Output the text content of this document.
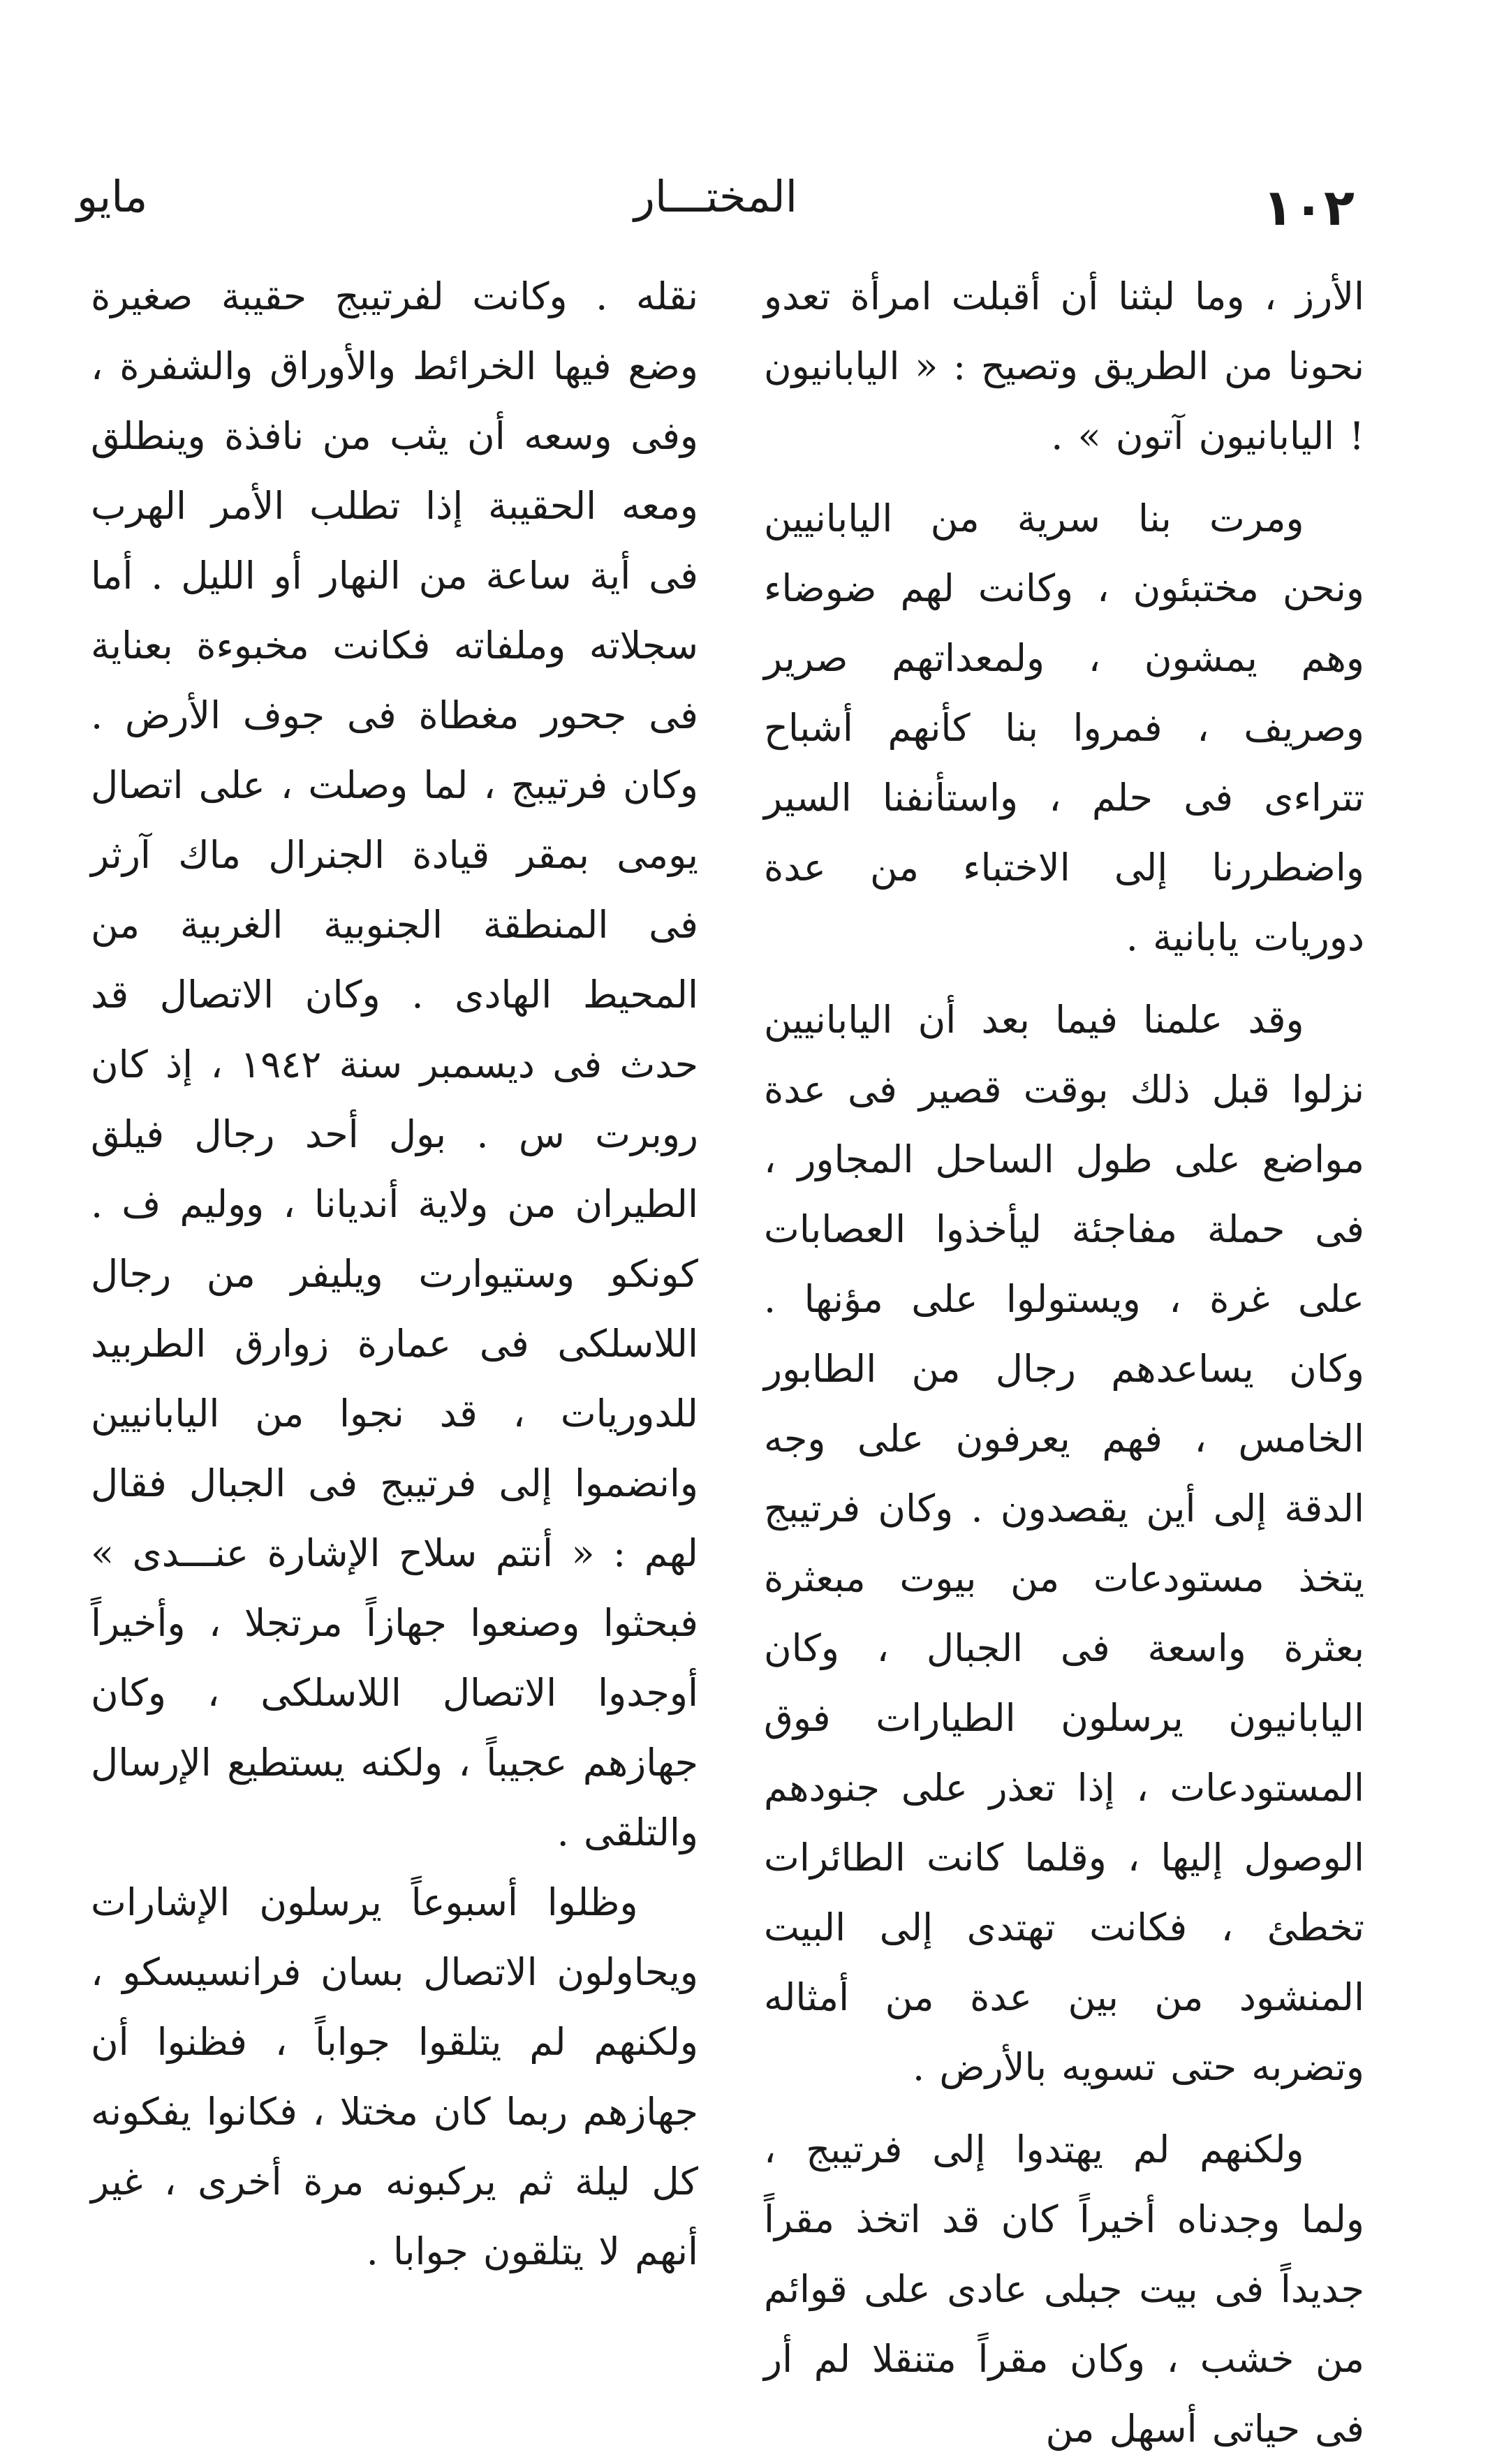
١٠٢
المختـــار
مايو

الأرز ، وما لبثنا أن أقبلت امرأة تعدو نحونا من الطريق وتصيح : « اليابانيون ! اليابانيون آتون » .

ومرت بنا سرية من اليابانيين ونحن مختبئون ، وكانت لهم ضوضاء وهم يمشون ، ولمعداتهم صرير وصريف ، فمروا بنا كأنهم أشباح تتراءى فى حلم ، واستأنفنا السير واضطررنا إلى الاختباء من عدة دوريات يابانية .

وقد علمنا فيما بعد أن اليابانيين نزلوا قبل ذلك بوقت قصير فى عدة مواضع على طول الساحل المجاور ، فى حملة مفاجئة ليأخذوا العصابات على غرة ، ويستولوا على مؤنها . وكان يساعدهم رجال من الطابور الخامس ، فهم يعرفون على وجه الدقة إلى أين يقصدون . وكان فرتيبج يتخذ مستودعات من بيوت مبعثرة بعثرة واسعة فى الجبال ، وكان اليابانيون يرسلون الطيارات فوق المستودعات ، إذا تعذر على جنودهم الوصول إليها ، وقلما كانت الطائرات تخطئ ، فكانت تهتدى إلى البيت المنشود من بين عدة من أمثاله وتضربه حتى تسويه بالأرض .

ولكنهم لم يهتدوا إلى فرتيبج ، ولما وجدناه أخيراً كان قد اتخذ مقراً جديداً فى بيت جبلى عادى على قوائم من خشب ، وكان مقراً متنقلا لم أر فى حياتى أسهل من

نقله . وكانت لفرتيبج حقيبة صغيرة وضع فيها الخرائط والأوراق والشفرة ، وفى وسعه أن يثب من نافذة وينطلق ومعه الحقيبة إذا تطلب الأمر الهرب فى أية ساعة من النهار أو الليل . أما سجلاته وملفاته فكانت مخبوءة بعناية فى جحور مغطاة فى جوف الأرض . وكان فرتيبج ، لما وصلت ، على اتصال يومى بمقر قيادة الجنرال ماك آرثر فى المنطقة الجنوبية الغربية من المحيط الهادى . وكان الاتصال قد حدث فى ديسمبر سنة ١٩٤٢ ، إذ كان روبرت س . بول أحد رجال فيلق الطيران من ولاية أنديانا ، ووليم ف . كونكو وستيوارت ويليفر من رجال اللاسلكى فى عمارة زوارق الطربيد للدوريات ، قد نجوا من اليابانيين وانضموا إلى فرتيبج فى الجبال فقال لهم : « أنتم سلاح الإشارة عنـــدى » فبحثوا وصنعوا جهازاً مرتجلا ، وأخيراً أوجدوا الاتصال اللاسلكى ، وكان جهازهم عجيباً ، ولكنه يستطيع الإرسال والتلقى .

وظلوا أسبوعاً يرسلون الإشارات ويحاولون الاتصال بسان فرانسيسكو ، ولكنهم لم يتلقوا جواباً ، فظنوا أن جهازهم ربما كان مختلا ، فكانوا يفكونه كل ليلة ثم يركبونه مرة أخرى ، غير أنهم لا يتلقون جوابا .
